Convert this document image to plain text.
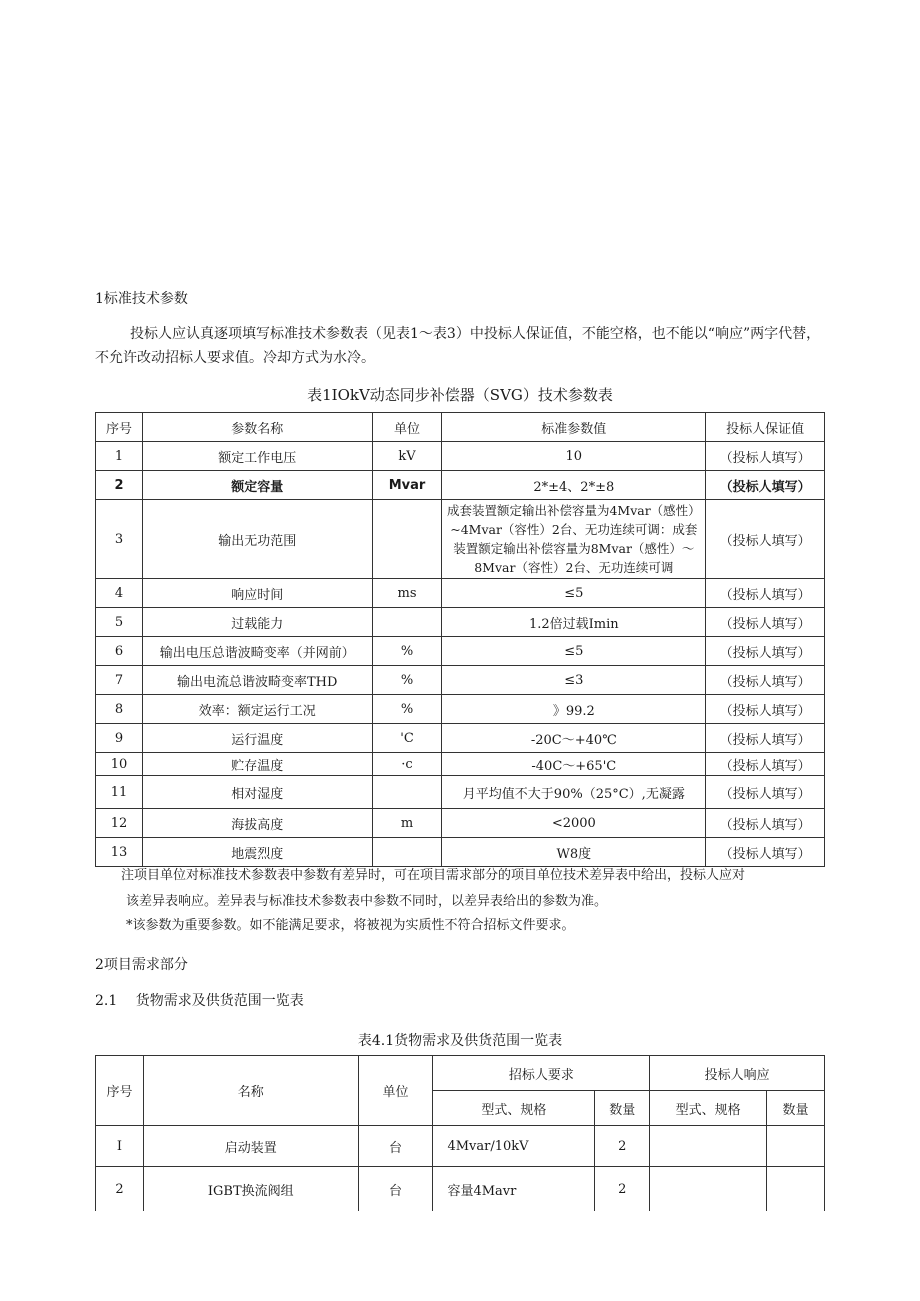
1标准技术参数
投标人应认真逐项填写标准技术参数表（见表1～表3）中投标人保证值，不能空格，也不能以“响应”两字代替，不允许改动招标人要求值。冷却方式为水冷。
表1IOkV动态同步补偿器（SVG）技术参数表
序号	参数名称	单位	标准参数值	投标人保证值
1	额定工作电压	kV	10	（投标人填写）
2	额定容量	Mvar	2*±4、2*±8	（投标人填写）
3	输出无功范围		成套装置额定输出补偿容量为4Mvar（感性）~4Mvar（容性）2台、无功连续可调：成套装置额定输出补偿容量为8Mvar（感性）～8Mvar（容性）2台、无功连续可调	（投标人填写）
4	响应时间	ms	≤5	（投标人填写）
5	过载能力		1.2倍过载Imin	（投标人填写）
6	输出电压总谐波畸变率（并网前）	%	≤5	（投标人填写）
7	输出电流总谐波畸变率THD	%	≤3	（投标人填写）
8	效率：额定运行工况	%	》99.2	（投标人填写）
9	运行温度	'C	-20C～+40℃	（投标人填写）
10	贮存温度	·c	-40C～+65'C	（投标人填写）
11	相对湿度		月平均值不大于90%（25°C）,无凝露	（投标人填写）
12	海拔高度	m	<2000	（投标人填写）
13	地震烈度		W8度	（投标人填写）
注项目单位对标准技术参数表中参数有差异时，可在项目需求部分的项目单位技术差异表中给出，投标人应对
该差异表响应。差异表与标准技术参数表中参数不同时，以差异表给出的参数为准。
*该参数为重要参数。如不能满足要求，将被视为实质性不符合招标文件要求。
2项目需求部分
2.1　 货物需求及供货范围一览表
表4.1货物需求及供货范围一览表
序号	名称	单位	招标人要求		投标人响应	
			型式、规格	数量	型式、规格	数量
I	启动装置	台	4Mvar/10kV	2		
2	IGBT换流阀组	台	容量4Mavr	2		
